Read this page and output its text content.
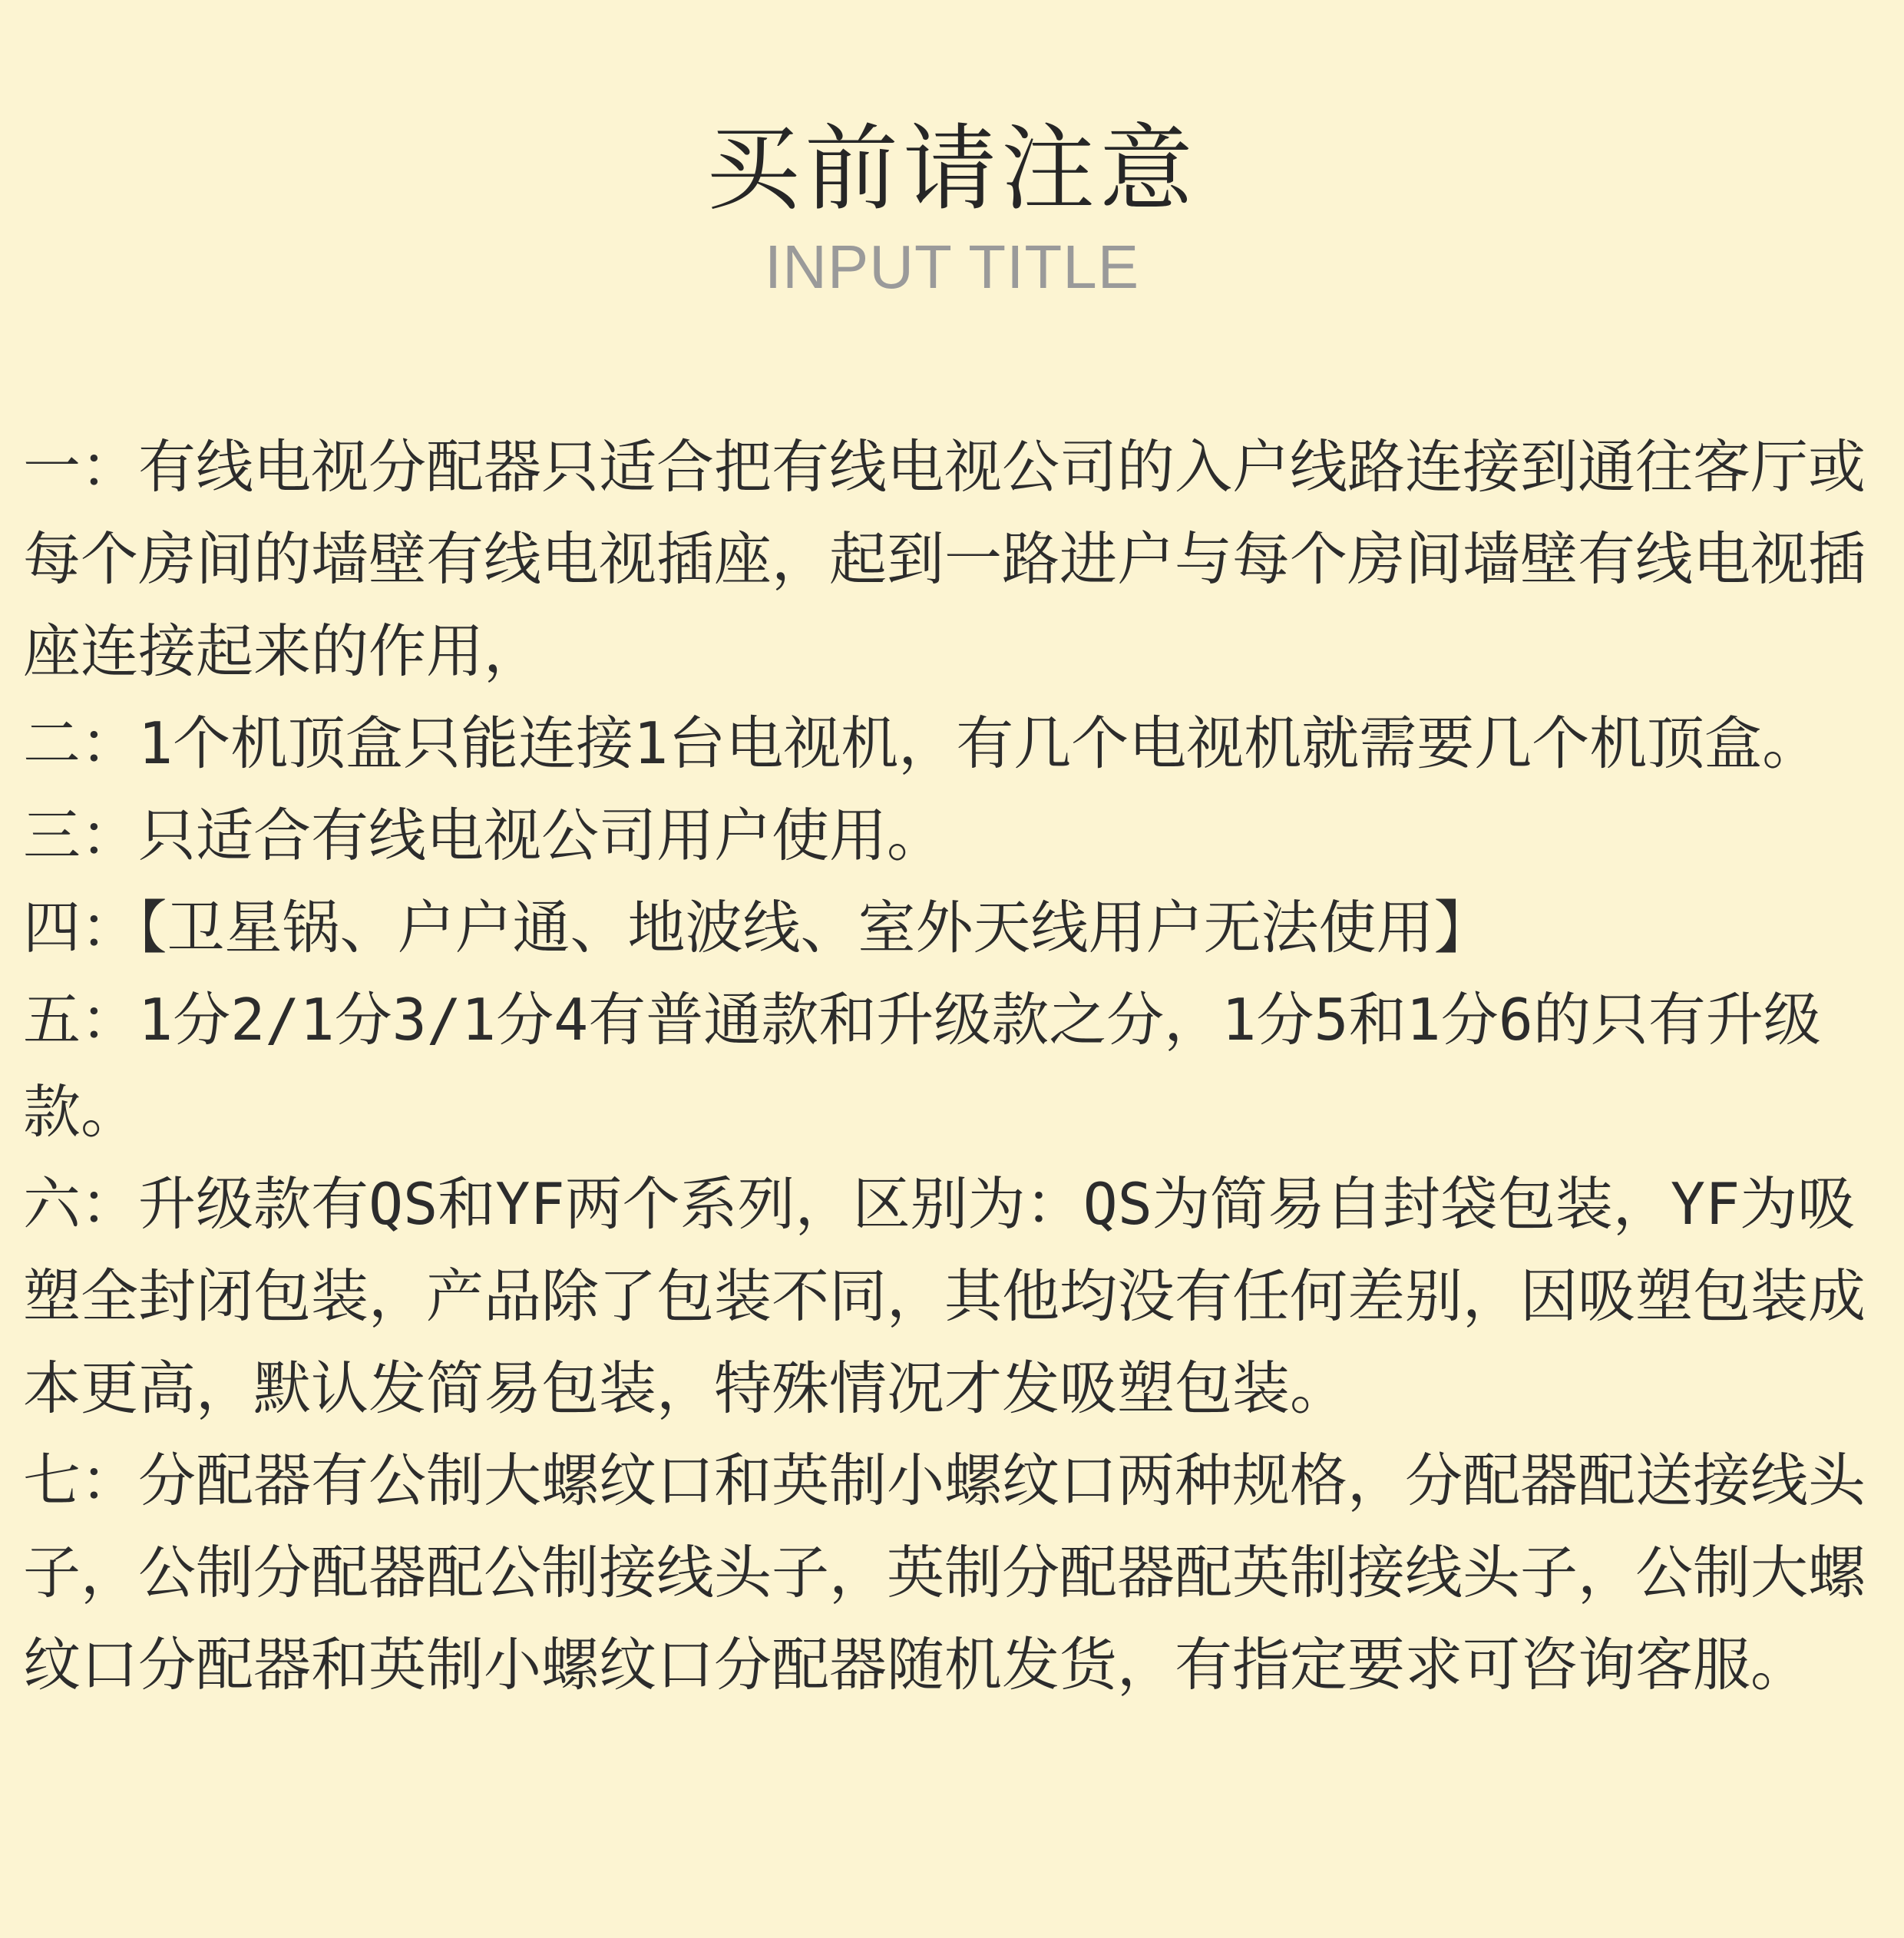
买前请注意
INPUT TITLE

一：有线电视分配器只适合把有线电视公司的入户线路连接到通往客厅或每个房间的墙壁有线电视插座，起到一路进户与每个房间墙壁有线电视插座连接起来的作用，

二：1个机顶盒只能连接1台电视机，有几个电视机就需要几个机顶盒。

三：只适合有线电视公司用户使用。

四：【卫星锅、户户通、地波线、室外天线用户无法使用】

五：1分2/1分3/1分4有普通款和升级款之分，1分5和1分6的只有升级款。

六：升级款有QS和YF两个系列，区别为：QS为简易自封袋包装，YF为吸塑全封闭包装，产品除了包装不同，其他均没有任何差别，因吸塑包装成本更高，默认发简易包装，特殊情况才发吸塑包装。

七：分配器有公制大螺纹口和英制小螺纹口两种规格，分配器配送接线头子，公制分配器配公制接线头子，英制分配器配英制接线头子，公制大螺纹口分配器和英制小螺纹口分配器随机发货，有指定要求可咨询客服。
